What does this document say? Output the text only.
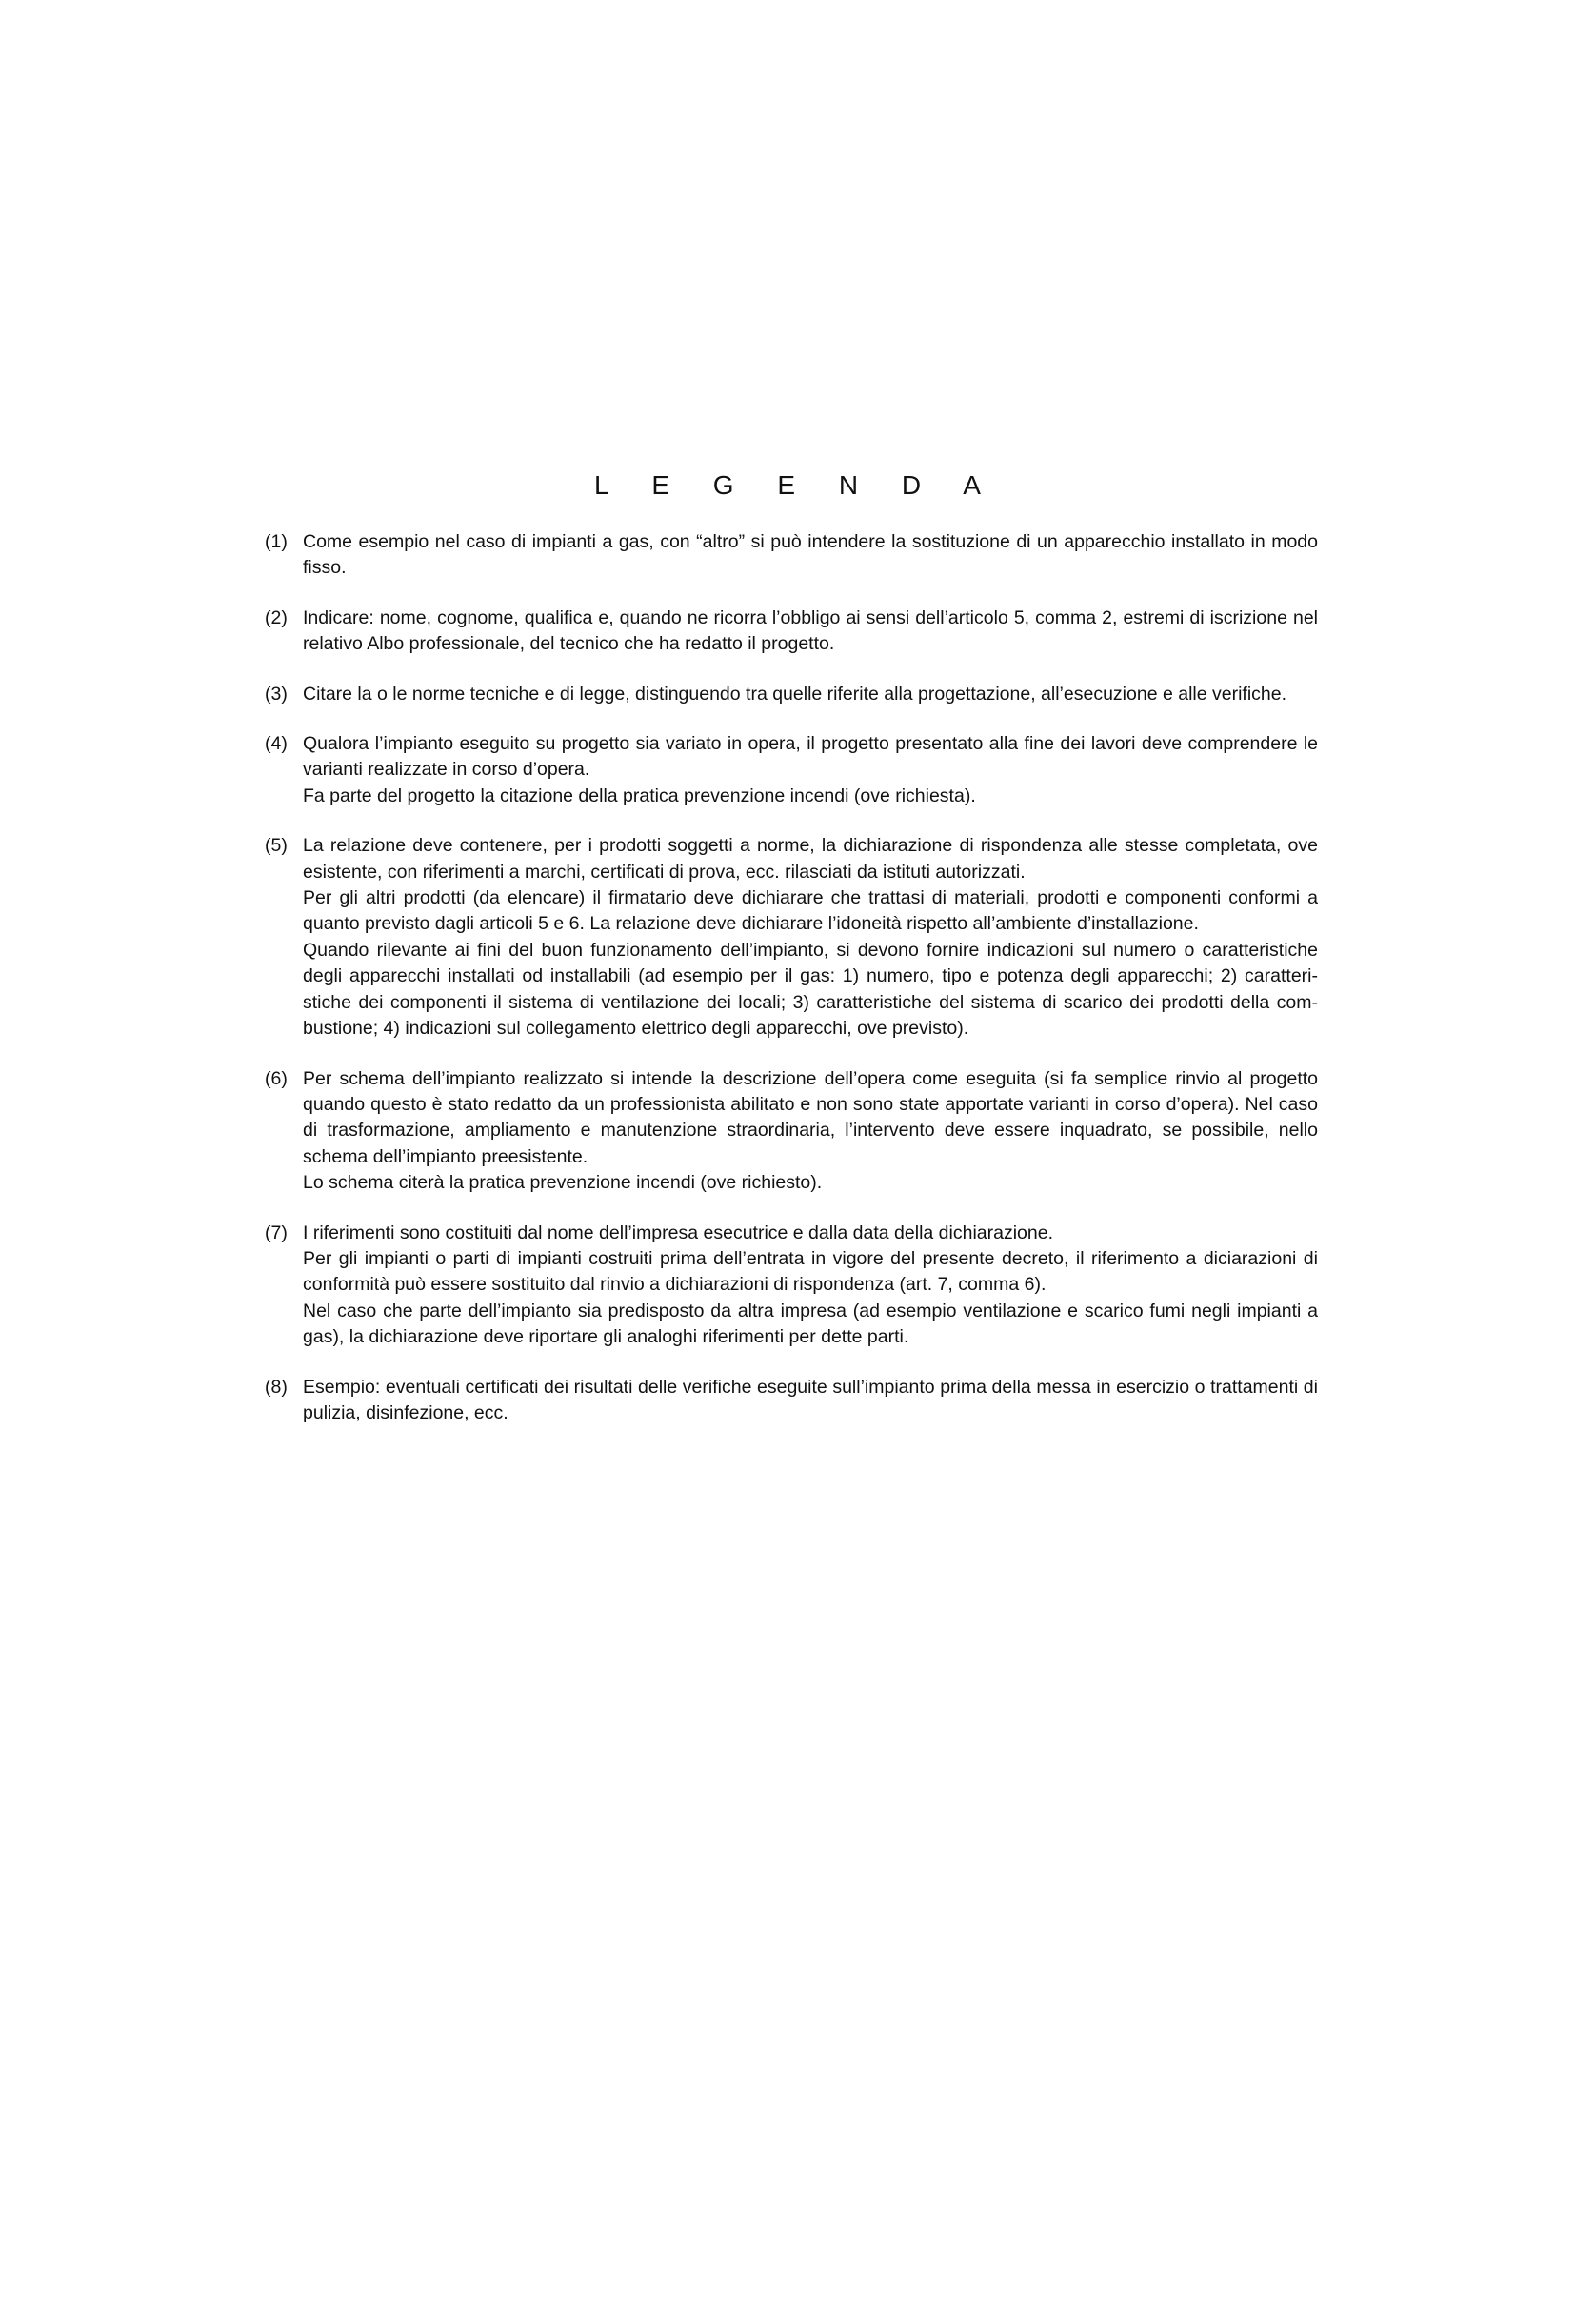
L E G E N D A
(1) Come esempio nel caso di impianti a gas, con “altro” si può intendere la sostituzione di un apparecchio installato in modo fisso.

(2) Indicare: nome, cognome, qualifica e, quando ne ricorra l’obbligo ai sensi dell’articolo 5, comma 2, estremi di iscrizione nel relativo Albo professionale, del tecnico che ha redatto il progetto.

(3) Citare la o le norme tecniche e di legge, distinguendo tra quelle riferite alla progettazione, all’esecuzione e alle verifiche.

(4) Qualora l’impianto eseguito su progetto sia variato in opera, il progetto presentato alla fine dei lavori deve comprendere le varianti realizzate in corso d’opera.

Fa parte del progetto la citazione della pratica prevenzione incendi (ove richiesta).

(5) La relazione deve contenere, per i prodotti soggetti a norme, la dichiarazione di rispondenza alle stesse completata, ove esistente, con riferimenti a marchi, certificati di prova, ecc. rilasciati da istituti autorizzati.

Per gli altri prodotti (da elencare) il firmatario deve dichiarare che trattasi di materiali, prodotti e componenti conformi a quanto previsto dagli articoli 5 e 6. La relazione deve dichiarare l’idoneità rispetto all’ambiente d’installazione.

Quando rilevante ai fini del buon funzionamento dell’impianto, si devono fornire indicazioni sul numero o caratteristiche degli apparecchi installati od installabili (ad esempio per il gas: 1) numero, tipo e potenza degli apparecchi; 2) caratteristiche dei componenti il sistema di ventilazione dei locali; 3) caratteristiche del sistema di scarico dei prodotti della combustione; 4) indicazioni sul collegamento elettrico degli apparecchi, ove previsto).

(6) Per schema dell’impianto realizzato si intende la descrizione dell’opera come eseguita (si fa semplice rinvio al progetto quando questo è stato redatto da un professionista abilitato e non sono state apportate varianti in corso d’opera). Nel caso di trasformazione, ampliamento e manutenzione straordinaria, l’intervento deve essere inquadrato, se possibile, nello schema dell’impianto preesistente.

Lo schema citerà la pratica prevenzione incendi (ove richiesto).

(7) I riferimenti sono costituiti dal nome dell’impresa esecutrice e dalla data della dichiarazione.

Per gli impianti o parti di impianti costruiti prima dell’entrata in vigore del presente decreto, il riferimento a diciarazioni di conformità può essere sostituito dal rinvio a dichiarazioni di rispondenza (art. 7, comma 6).

Nel caso che parte dell’impianto sia predisposto da altra impresa (ad esempio ventilazione e scarico fumi negli impianti a gas), la dichiarazione deve riportare gli analoghi riferimenti per dette parti.

(8) Esempio: eventuali certificati dei risultati delle verifiche eseguite sull’impianto prima della messa in esercizio o trattamenti di pulizia, disinfezione, ecc.
